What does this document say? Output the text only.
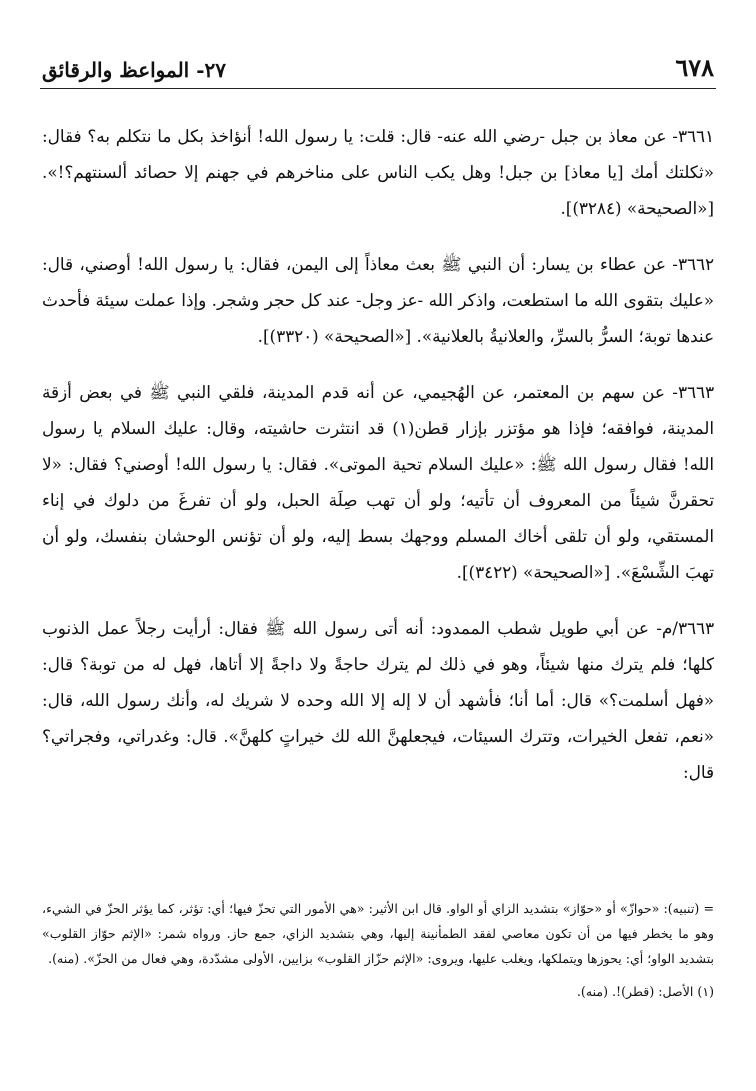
٦٧٨
٢٧- المواعظ والرقائق

٣٦٦١- عن معاذ بن جبل -رضي الله عنه- قال: قلت: يا رسول الله! أنؤاخذ بكل ما نتكلم به؟ فقال: «ثكلتك أمك [يا معاذ] بن جبل! وهل يكب الناس على مناخرهم في جهنم إلا حصائد ألسنتهم؟!». [«الصحيحة» (٣٢٨٤)].

٣٦٦٢- عن عطاء بن يسار: أن النبي ﷺ بعث معاذاً إلى اليمن، فقال: يا رسول الله! أوصني، قال: «عليك بتقوى الله ما استطعت، واذكر الله -عز وجل- عند كل حجر وشجر. وإذا عملت سيئة فأحدث عندها توبة؛ السرُّ بالسرِّ، والعلانيةُ بالعلانية». [«الصحيحة» (٣٣٢٠)].

٣٦٦٣- عن سهم بن المعتمر، عن الهُجيمي، عن أنه قدم المدينة، فلقي النبي ﷺ في بعض أزقة المدينة، فوافقه؛ فإذا هو مؤتزر بإزار قطن(١) قد انتثرت حاشيته، وقال: عليك السلام يا رسول الله! فقال رسول الله ﷺ: «عليك السلام تحية الموتى». فقال: يا رسول الله! أوصني؟ فقال: «لا تحقرنَّ شيئاً من المعروف أن تأتيه؛ ولو أن تهب صِلَة الحبل، ولو أن تفرغَ من دلوك في إناء المستقي، ولو أن تلقى أخاك المسلم ووجهك بسط إليه، ولو أن تؤنس الوحشان بنفسك، ولو أن تهبَ الشِّسْعَ». [«الصحيحة» (٣٤٢٢)].

٣٦٦٣/م- عن أبي طويل شطب الممدود: أنه أتى رسول الله ﷺ فقال: أرأيت رجلاً عمل الذنوب كلها؛ فلم يترك منها شيئاً، وهو في ذلك لم يترك حاجةً ولا داجةً إلا أتاها، فهل له من توبة؟ قال: «فهل أسلمت؟» قال: أما أنا؛ فأشهد أن لا إله إلا الله وحده لا شريك له، وأنك رسول الله، قال: «نعم، تفعل الخيرات، وتترك السيئات، فيجعلهنَّ الله لك خيراتٍ كلهنَّ». قال: وغدراتي، وفجراتي؟ قال:

= (تنبيه): «حوازّ» أو «حوّاز» بتشديد الزاي أو الواو. قال ابن الأثير: «هي الأمور التي تحزّ فيها؛ أي: تؤثر، كما يؤثر الحزّ في الشيء، وهو ما يخطر فيها من أن تكون معاصي لفقد الطمأنينة إليها، وهي بتشديد الزاي، جمع حاز. ورواه شمر: «الإثم حوّاز القلوب» بتشديد الواو؛ أي: يحوزها ويتملكها، ويغلب عليها، ويروى: «الإثم حزّاز القلوب» بزايين، الأولى مشدّدة، وهي فعال من الحزّ». (منه).

(١) الأصل: (قطر)!. (منه).
